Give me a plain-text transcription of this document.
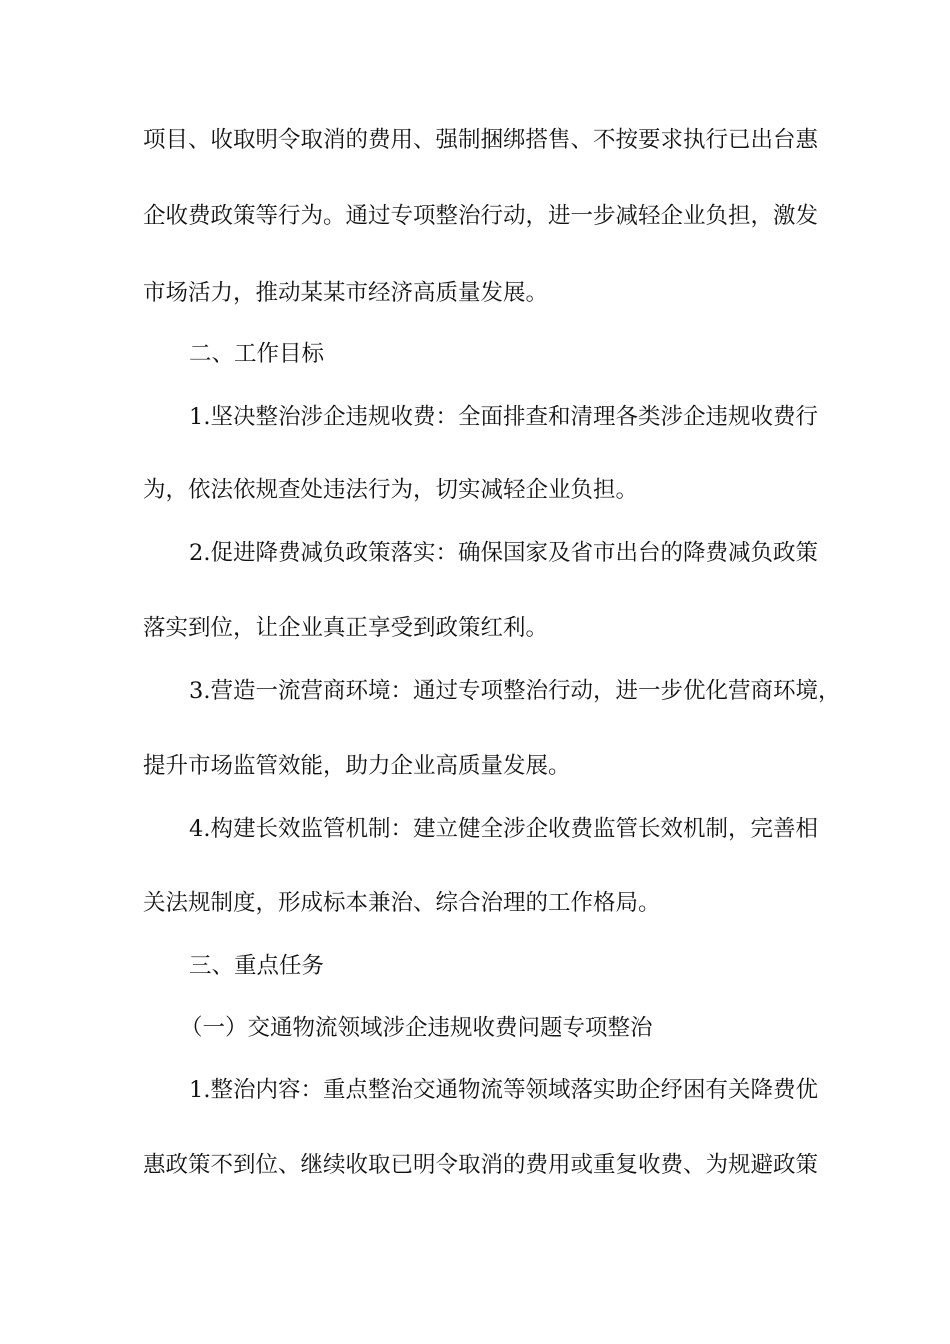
项目、收取明令取消的费用、强制捆绑搭售、不按要求执行已出台惠
企收费政策等行为。通过专项整治行动，进一步减轻企业负担，激发
市场活力，推动某某市经济高质量发展。
二、工作目标
1.坚决整治涉企违规收费：全面排查和清理各类涉企违规收费行
为，依法依规查处违法行为，切实减轻企业负担。
2.促进降费减负政策落实：确保国家及省市出台的降费减负政策
落实到位，让企业真正享受到政策红利。
3.营造一流营商环境：通过专项整治行动，进一步优化营商环境，
提升市场监管效能，助力企业高质量发展。
4.构建长效监管机制：建立健全涉企收费监管长效机制，完善相
关法规制度，形成标本兼治、综合治理的工作格局。
三、重点任务
（一）交通物流领域涉企违规收费问题专项整治
1.整治内容：重点整治交通物流等领域落实助企纾困有关降费优
惠政策不到位、继续收取已明令取消的费用或重复收费、为规避政策
